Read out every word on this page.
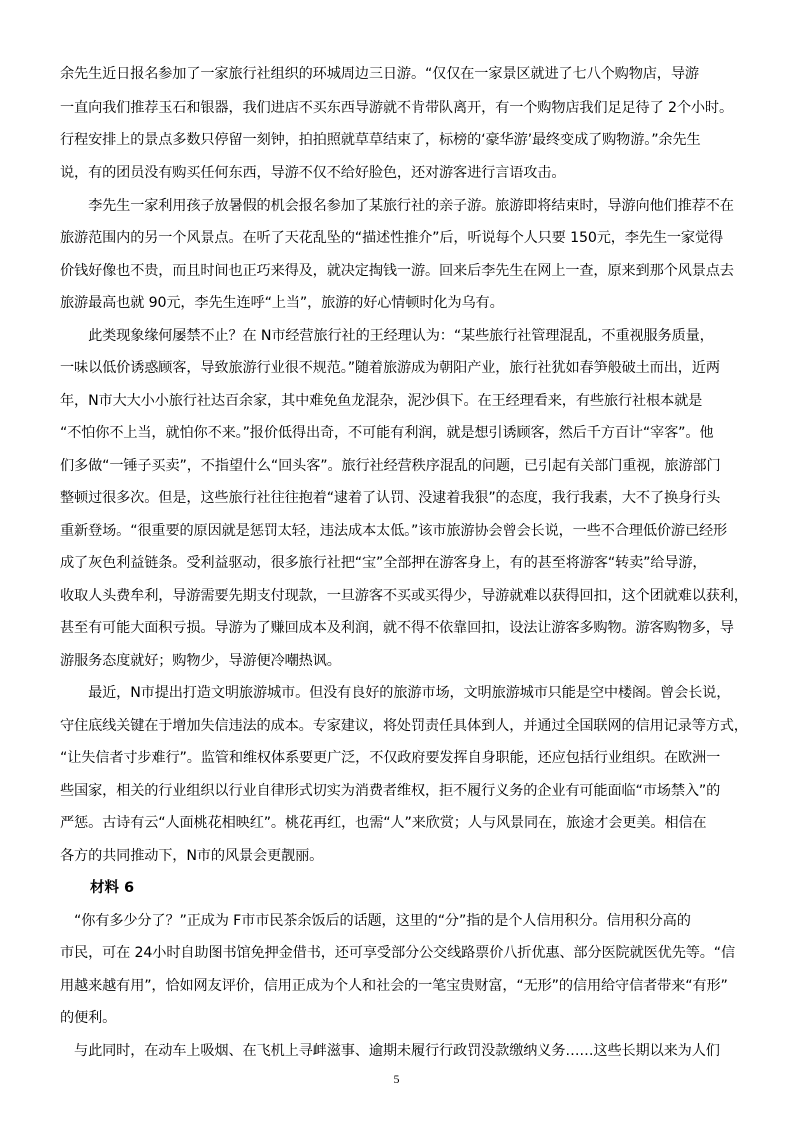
余先生近日报名参加了一家旅行社组织的环城周边三日游。“仅仅在一家景区就进了七八个购物店，导游
一直向我们推荐玉石和银器，我们进店不买东西导游就不肯带队离开，有一个购物店我们足足待了 2个小时。
行程安排上的景点多数只停留一刻钟，拍拍照就草草结束了，标榜的‘豪华游’最终变成了购物游。”余先生
说，有的团员没有购买任何东西，导游不仅不给好脸色，还对游客进行言语攻击。
　　李先生一家利用孩子放暑假的机会报名参加了某旅行社的亲子游。旅游即将结束时，导游向他们推荐不在
旅游范围内的另一个风景点。在听了天花乱坠的“描述性推介”后，听说每个人只要 150元，李先生一家觉得
价钱好像也不贵，而且时间也正巧来得及，就决定掏钱一游。回来后李先生在网上一查，原来到那个风景点去
旅游最高也就 90元，李先生连呼“上当”，旅游的好心情顿时化为乌有。
　　此类现象缘何屡禁不止？在 N市经营旅行社的王经理认为：“某些旅行社管理混乱，不重视服务质量，
一味以低价诱惑顾客，导致旅游行业很不规范。”随着旅游成为朝阳产业，旅行社犹如春笋般破土而出，近两
年，N市大大小小旅行社达百余家，其中难免鱼龙混杂，泥沙俱下。在王经理看来，有些旅行社根本就是
“不怕你不上当，就怕你不来。”报价低得出奇，不可能有利润，就是想引诱顾客，然后千方百计“宰客”。他
们多做“一锤子买卖”，不指望什么“回头客”。旅行社经营秩序混乱的问题，已引起有关部门重视，旅游部门
整顿过很多次。但是，这些旅行社往往抱着“逮着了认罚、没逮着我狠”的态度，我行我素，大不了换身行头
重新登场。“很重要的原因就是惩罚太轻，违法成本太低。”该市旅游协会曾会长说，一些不合理低价游已经形
成了灰色利益链条。受利益驱动，很多旅行社把“宝”全部押在游客身上，有的甚至将游客“转卖”给导游，
收取人头费牟利，导游需要先期支付现款，一旦游客不买或买得少，导游就难以获得回扣，这个团就难以获利，
甚至有可能大面积亏损。导游为了赚回成本及利润，就不得不依靠回扣，设法让游客多购物。游客购物多，导
游服务态度就好；购物少，导游便冷嘲热讽。
　　最近，N市提出打造文明旅游城市。但没有良好的旅游市场，文明旅游城市只能是空中楼阁。曾会长说，
守住底线关键在于增加失信违法的成本。专家建议，将处罚责任具体到人，并通过全国联网的信用记录等方式，
“让失信者寸步难行”。监管和维权体系要更广泛，不仅政府要发挥自身职能，还应包括行业组织。在欧洲一
些国家，相关的行业组织以行业自律形式切实为消费者维权，拒不履行义务的企业有可能面临“市场禁入”的
严惩。古诗有云“人面桃花相映红”。桃花再红，也需“人”来欣赏；人与风景同在，旅途才会更美。相信在
各方的共同推动下，N市的风景会更靓丽。
材料 6
　“你有多少分了？”正成为 F市市民茶余饭后的话题，这里的“分”指的是个人信用积分。信用积分高的
市民，可在 24小时自助图书馆免押金借书，还可享受部分公交线路票价八折优惠、部分医院就医优先等。“信
用越来越有用”，恰如网友评价，信用正成为个人和社会的一笔宝贵财富，“无形”的信用给守信者带来“有形”
的便利。
　与此同时，在动车上吸烟、在飞机上寻衅滋事、逾期未履行行政罚没款缴纳义务……这些长期以来为人们
5
